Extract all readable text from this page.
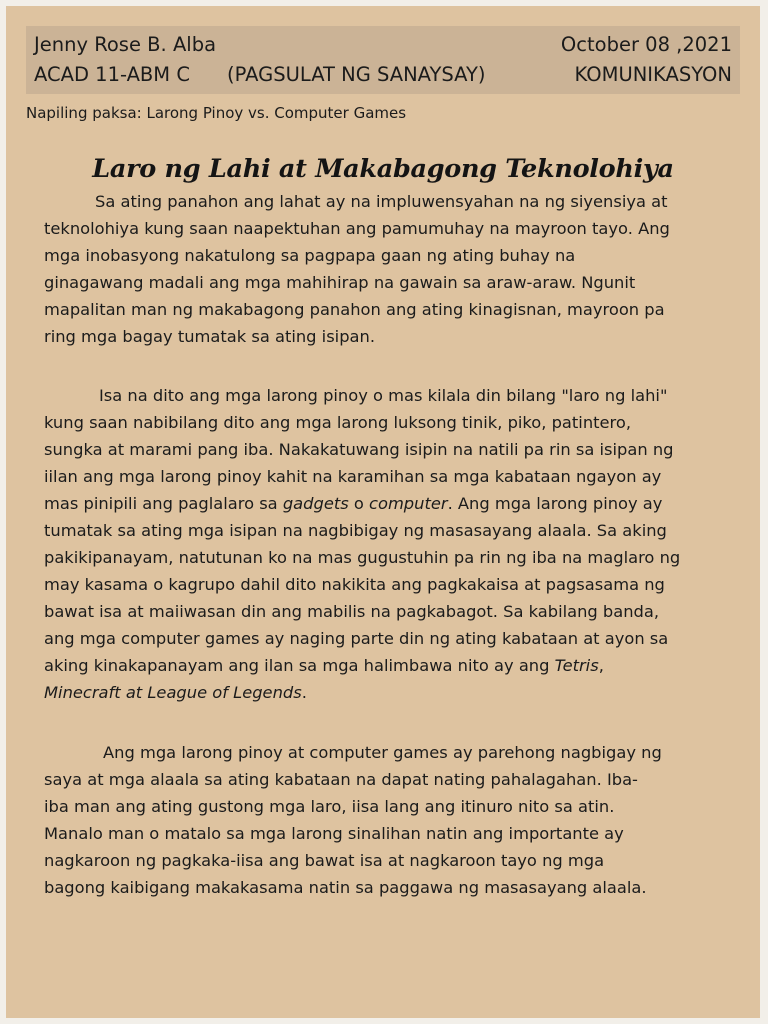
Jenny Rose B. Alba	October 08 ,2021
ACAD 11-ABM C (PAGSULAT NG SANAYSAY)	KOMUNIKASYON
Napiling paksa: Larong Pinoy vs. Computer Games
Laro ng Lahi at Makabagong Teknolohiya

Sa ating panahon ang lahat ay na impluwensyahan na ng siyensiya at
teknolohiya kung saan naapektuhan ang pamumuhay na mayroon tayo. Ang
mga inobasyong nakatulong sa pagpapa gaan ng ating buhay na
ginagawang madali ang mga mahihirap na gawain sa araw-araw. Ngunit
mapalitan man ng makabagong panahon ang ating kinagisnan, mayroon pa
ring mga bagay tumatak sa ating isipan.

Isa na dito ang mga larong pinoy o mas kilala din bilang "laro ng lahi"
kung saan nabibilang dito ang mga larong luksong tinik, piko, patintero,
sungka at marami pang iba. Nakakatuwang isipin na natili pa rin sa isipan ng
iilan ang mga larong pinoy kahit na karamihan sa mga kabataan ngayon ay
mas pinipili ang paglalaro sa gadgets o computer. Ang mga larong pinoy ay
tumatak sa ating mga isipan na nagbibigay ng masasayang alaala. Sa aking
pakikipanayam, natutunan ko na mas gugustuhin pa rin ng iba na maglaro ng
may kasama o kagrupo dahil dito nakikita ang pagkakaisa at pagsasama ng
bawat isa at maiiwasan din ang mabilis na pagkabagot. Sa kabilang banda,
ang mga computer games ay naging parte din ng ating kabataan at ayon sa
aking kinakapanayam ang ilan sa mga halimbawa nito ay ang Tetris,
Minecraft at League of Legends.

Ang mga larong pinoy at computer games ay parehong nagbigay ng
saya at mga alaala sa ating kabataan na dapat nating pahalagahan. Iba-
iba man ang ating gustong mga laro, iisa lang ang itinuro nito sa atin.
Manalo man o matalo sa mga larong sinalihan natin ang importante ay
nagkaroon ng pagkaka-iisa ang bawat isa at nagkaroon tayo ng mga
bagong kaibigang makakasama natin sa paggawa ng masasayang alaala.
